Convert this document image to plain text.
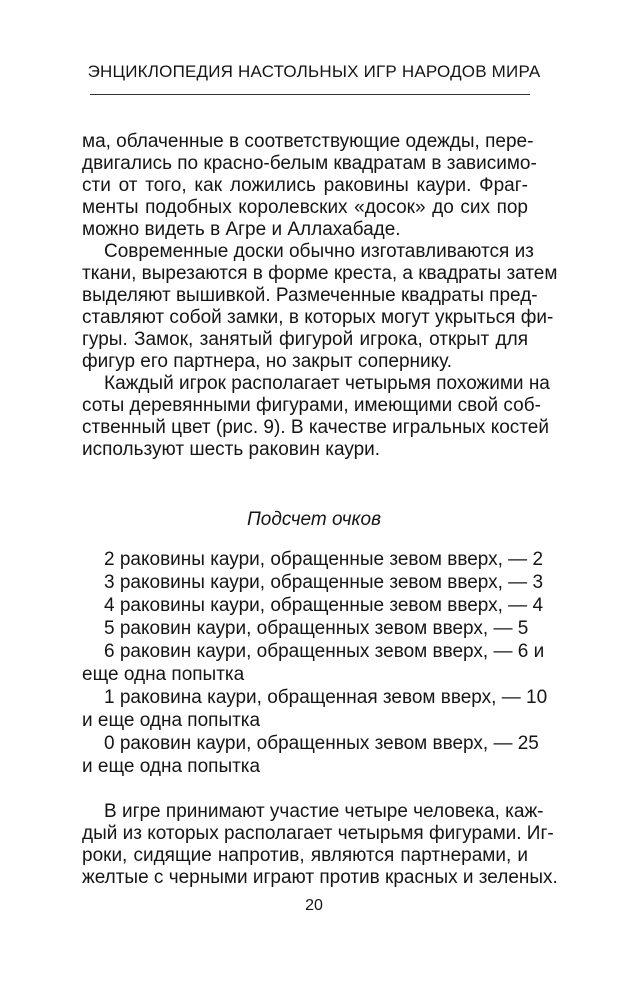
ЭНЦИКЛОПЕДИЯ НАСТОЛЬНЫХ ИГР НАРОДОВ МИРА
ма, облаченные в соответствующие одежды, пере-
двигались по красно-белым квадратам в зависимо-
сти от того, как ложились раковины каури. Фраг-
менты подобных королевских «досок» до сих пор
можно видеть в Агре и Аллахабаде.
Современные доски обычно изготавливаются из
ткани, вырезаются в форме креста, а квадраты затем
выделяют вышивкой. Размеченные квадраты пред-
ставляют собой замки, в которых могут укрыться фи-
гуры. Замок, занятый фигурой игрока, открыт для
фигур его партнера, но закрыт сопернику.
Каждый игрок располагает четырьмя похожими на
соты деревянными фигурами, имеющими свой соб-
ственный цвет (рис. 9). В качестве игральных костей
используют шесть раковин каури.
Подсчет очков
2 раковины каури, обращенные зевом вверх, — 2
3 раковины каури, обращенные зевом вверх, — 3
4 раковины каури, обращенные зевом вверх, — 4
5 раковин каури, обращенных зевом вверх, — 5
6 раковин каури, обращенных зевом вверх, — 6 и
еще одна попытка
1 раковина каури, обращенная зевом вверх, — 10
и еще одна попытка
0 раковин каури, обращенных зевом вверх, — 25
и еще одна попытка
В игре принимают участие четыре человека, каж-
дый из которых располагает четырьмя фигурами. Иг-
роки, сидящие напротив, являются партнерами, и
желтые с черными играют против красных и зеленых.
20
